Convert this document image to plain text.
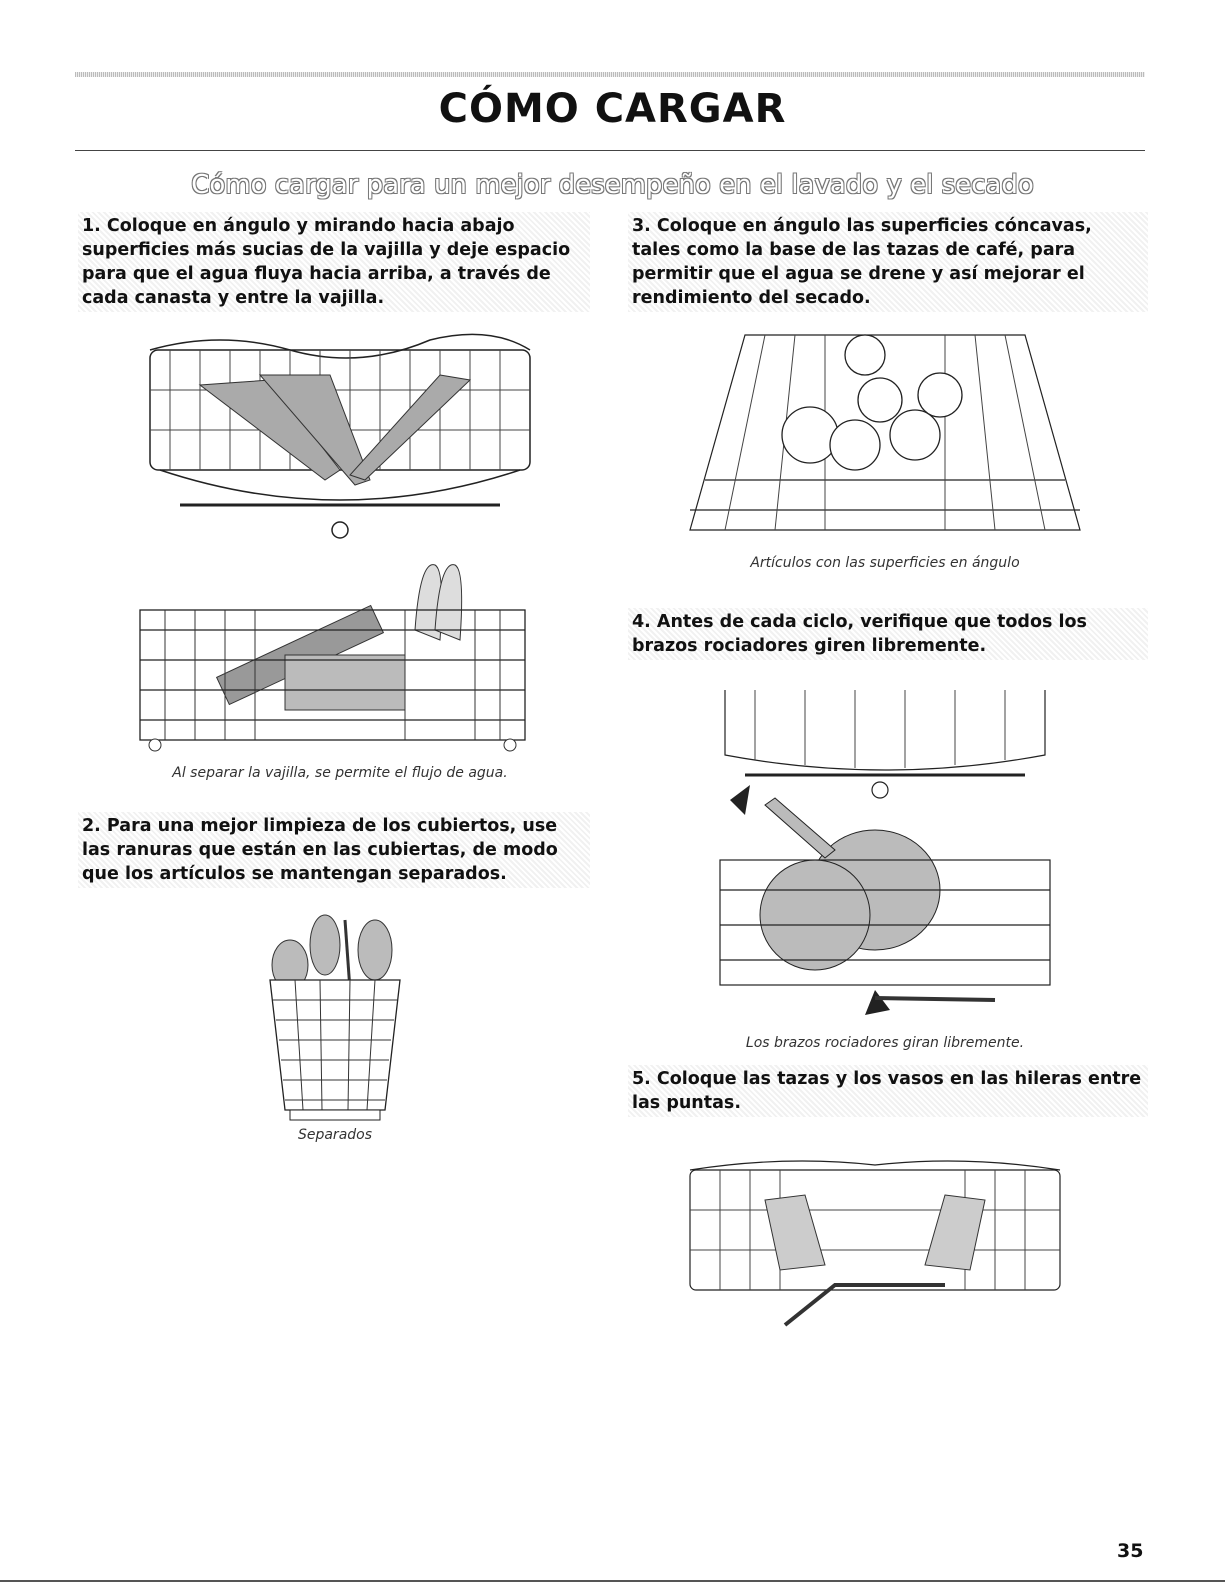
CÓMO CARGAR
Cómo cargar para un mejor desempeño en el lavado y el secado
1. Coloque en ángulo y mirando hacia abajo superficies más sucias de la vajilla y deje espacio para que el agua fluya hacia arriba, a través de cada canasta y entre la vajilla.
Al separar la vajilla, se permite el flujo de agua.
2. Para una mejor limpieza de los cubiertos, use las ranuras que están en las cubiertas, de modo que los artículos se mantengan separados.
Separados
3. Coloque en ángulo las superficies cóncavas, tales como la base de las tazas de café, para permitir que el agua se drene y así mejorar el rendimiento del secado.
Artículos con las superficies en ángulo
4. Antes de cada ciclo, verifique que todos los brazos rociadores giren libremente.
Los brazos rociadores giran libremente.
5. Coloque las tazas y los vasos en las hileras entre las puntas.
35
